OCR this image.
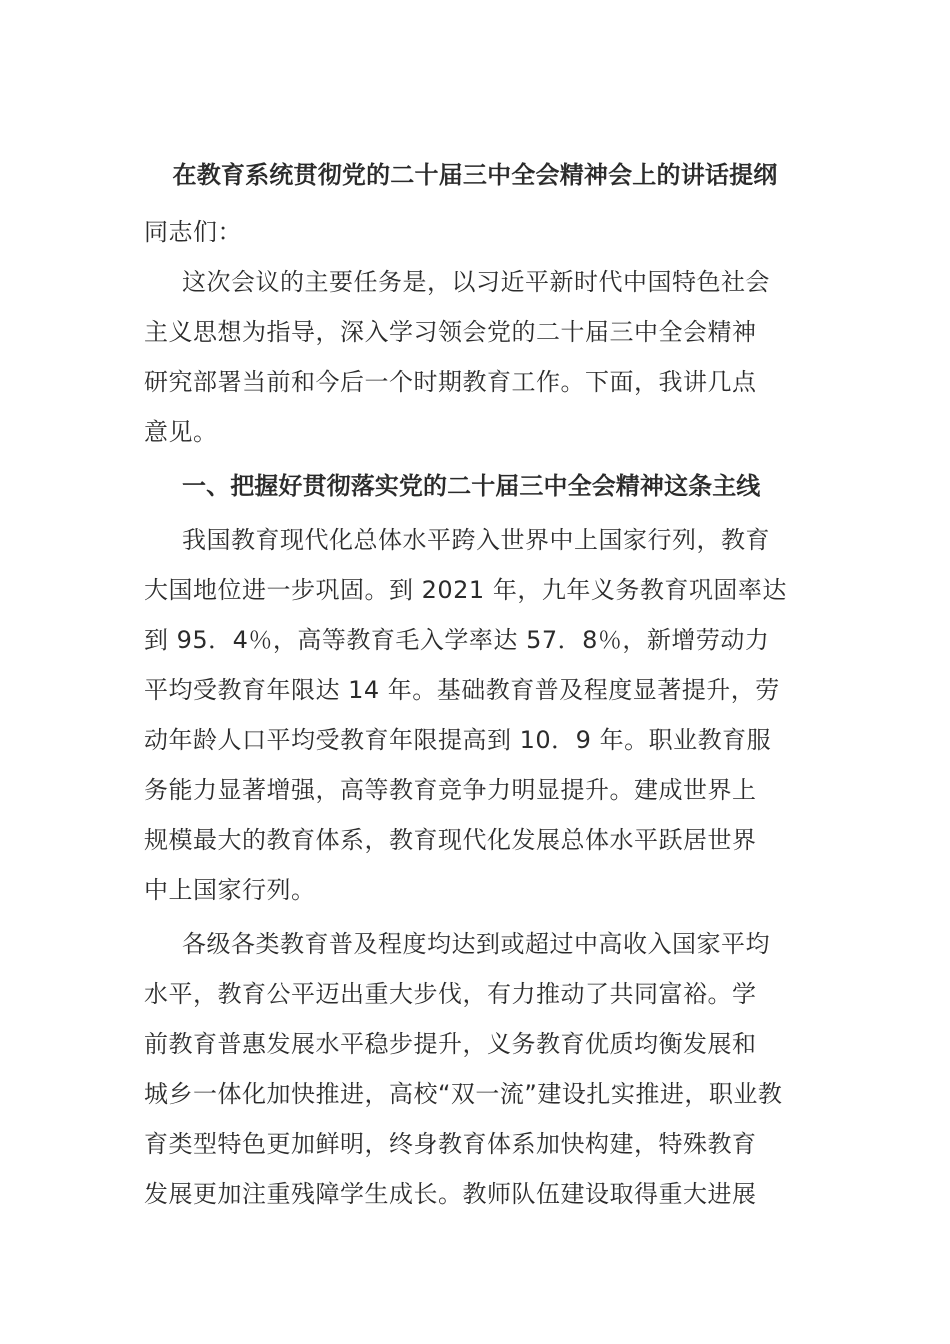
在教育系统贯彻党的二十届三中全会精神会上的讲话提纲

同志们：

这次会议的主要任务是，以习近平新时代中国特色社会
主义思想为指导，深入学习领会党的二十届三中全会精神
研究部署当前和今后一个时期教育工作。下面，我讲几点
意见。

一、把握好贯彻落实党的二十届三中全会精神这条主线

我国教育现代化总体水平跨入世界中上国家行列，教育
大国地位进一步巩固。到 2021 年，九年义务教育巩固率达
到 95．4％，高等教育毛入学率达 57．8％，新增劳动力
平均受教育年限达 14 年。基础教育普及程度显著提升，劳
动年龄人口平均受教育年限提高到 10．9 年。职业教育服
务能力显著增强，高等教育竞争力明显提升。建成世界上
规模最大的教育体系，教育现代化发展总体水平跃居世界
中上国家行列。

各级各类教育普及程度均达到或超过中高收入国家平均
水平，教育公平迈出重大步伐，有力推动了共同富裕。学
前教育普惠发展水平稳步提升，义务教育优质均衡发展和
城乡一体化加快推进，高校“双一流”建设扎实推进，职业教
育类型特色更加鲜明，终身教育体系加快构建，特殊教育
发展更加注重残障学生成长。教师队伍建设取得重大进展
